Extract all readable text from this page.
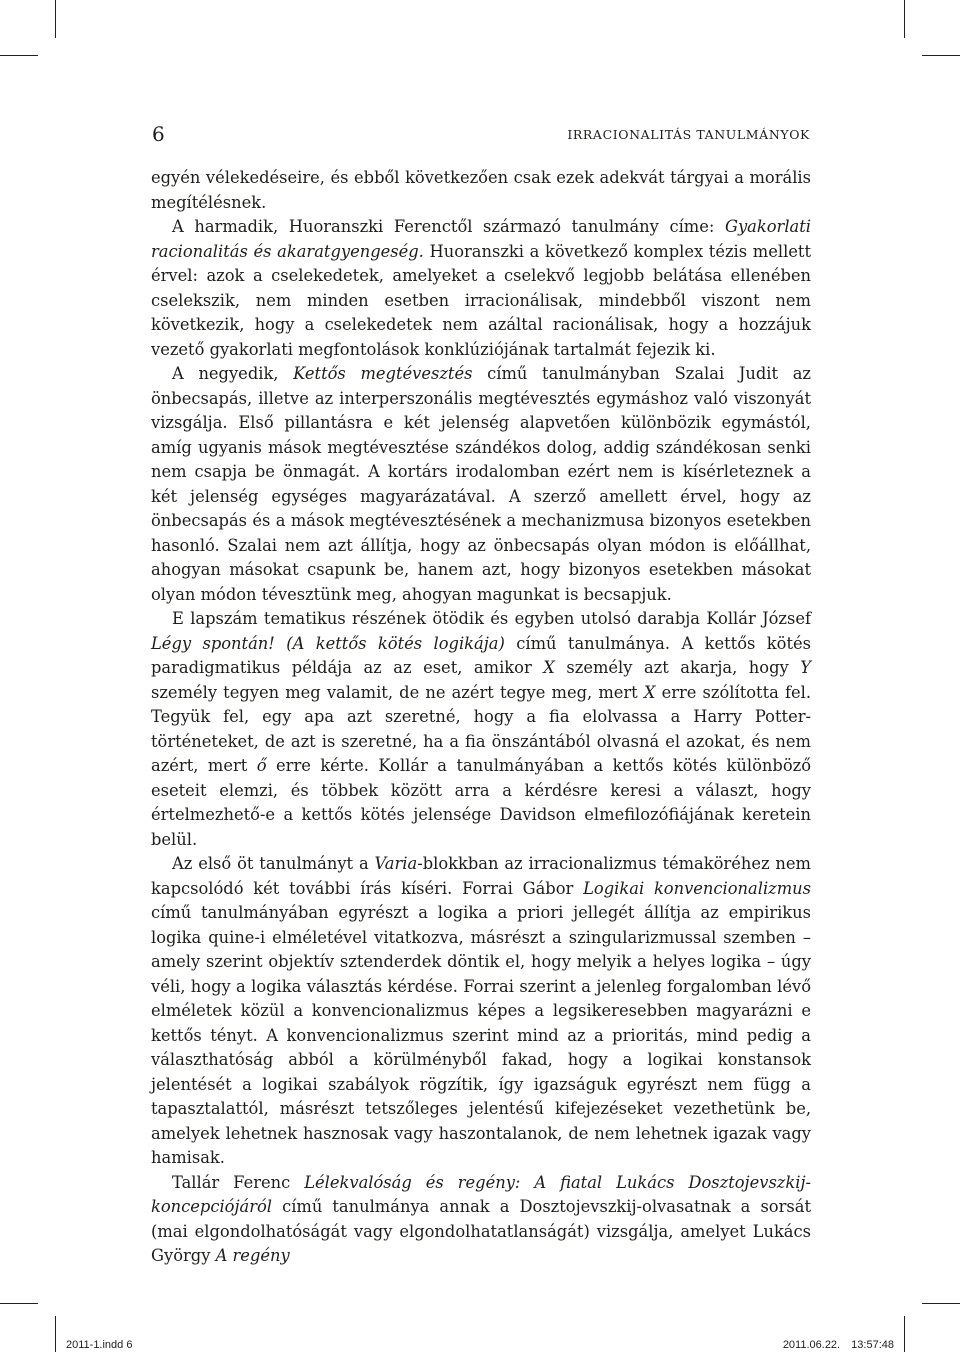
6	IRRACIONALITÁS TANULMÁNYOK

egyén vélekedéseire, és ebből következően csak ezek adekvát tárgyai a morális megítélésnek.

A harmadik, Huoranszki Ferenctől származó tanulmány címe: Gyakorlati racionalitás és akaratgyengeség. Huoranszki a következő komplex tézis mellett érvel: azok a cselekedetek, amelyeket a cselekvő legjobb belátása ellenében cselekszik, nem minden esetben irracionálisak, mindebből viszont nem következik, hogy a cselekedetek nem azáltal racionálisak, hogy a hozzájuk vezető gyakorlati megfontolások konklúziójának tartalmát fejezik ki.

A negyedik, Kettős megtévesztés című tanulmányban Szalai Judit az önbecsapás, illetve az interperszonális megtévesztés egymáshoz való viszonyát vizsgálja. Első pillantásra e két jelenség alapvetően különbözik egymástól, amíg ugyanis mások megtévesztése szándékos dolog, addig szándékosan senki nem csapja be önmagát. A kortárs irodalomban ezért nem is kísérleteznek a két jelenség egységes magyarázatával. A szerző amellett érvel, hogy az önbecsapás és a mások megtévesztésének a mechanizmusa bizonyos esetekben hasonló. Szalai nem azt állítja, hogy az önbecsapás olyan módon is előállhat, ahogyan másokat csapunk be, hanem azt, hogy bizonyos esetekben másokat olyan módon tévesztünk meg, ahogyan magunkat is becsapjuk.

E lapszám tematikus részének ötödik és egyben utolsó darabja Kollár József Légy spontán! (A kettős kötés logikája) című tanulmánya. A kettős kötés paradigmatikus példája az az eset, amikor X személy azt akarja, hogy Y személy tegyen meg valamit, de ne azért tegye meg, mert X erre szólította fel. Tegyük fel, egy apa azt szeretné, hogy a fia elolvassa a Harry Potter-történeteket, de azt is szeretné, ha a fia önszántából olvasná el azokat, és nem azért, mert ő erre kérte. Kollár a tanulmányában a kettős kötés különböző eseteit elemzi, és többek között arra a kérdésre keresi a választ, hogy értelmezhető-e a kettős kötés jelensége Davidson elmefilozófiájának keretein belül.

Az első öt tanulmányt a Varia-blokkban az irracionalizmus témaköréhez nem kapcsolódó két további írás kíséri. Forrai Gábor Logikai konvencionalizmus című tanulmányában egyrészt a logika a priori jellegét állítja az empirikus logika quine-i elméletével vitatkozva, másrészt a szingularizmussal szemben – amely szerint objektív sztenderdek döntik el, hogy melyik a helyes logika – úgy véli, hogy a logika választás kérdése. Forrai szerint a jelenleg forgalomban lévő elméletek közül a konvencionalizmus képes a legsikeresebben magyarázni e kettős tényt. A konvencionalizmus szerint mind az a prioritás, mind pedig a választhatóság abból a körülményből fakad, hogy a logikai konstansok jelentését a logikai szabályok rögzítik, így igazságuk egyrészt nem függ a tapasztalattól, másrészt tetszőleges jelentésű kifejezéseket vezethetünk be, amelyek lehetnek hasznosak vagy haszontalanok, de nem lehetnek igazak vagy hamisak.

Tallár Ferenc Lélekvalóság és regény: A fiatal Lukács Dosztojevszkij-koncepciójáról című tanulmánya annak a Dosztojevszkij-olvasatnak a sorsát (mai elgondolhatóságát vagy elgondolhatatlanságát) vizsgálja, amelyet Lukács György A regény

2011-1.indd 6	2011.06.22. 13:57:48
